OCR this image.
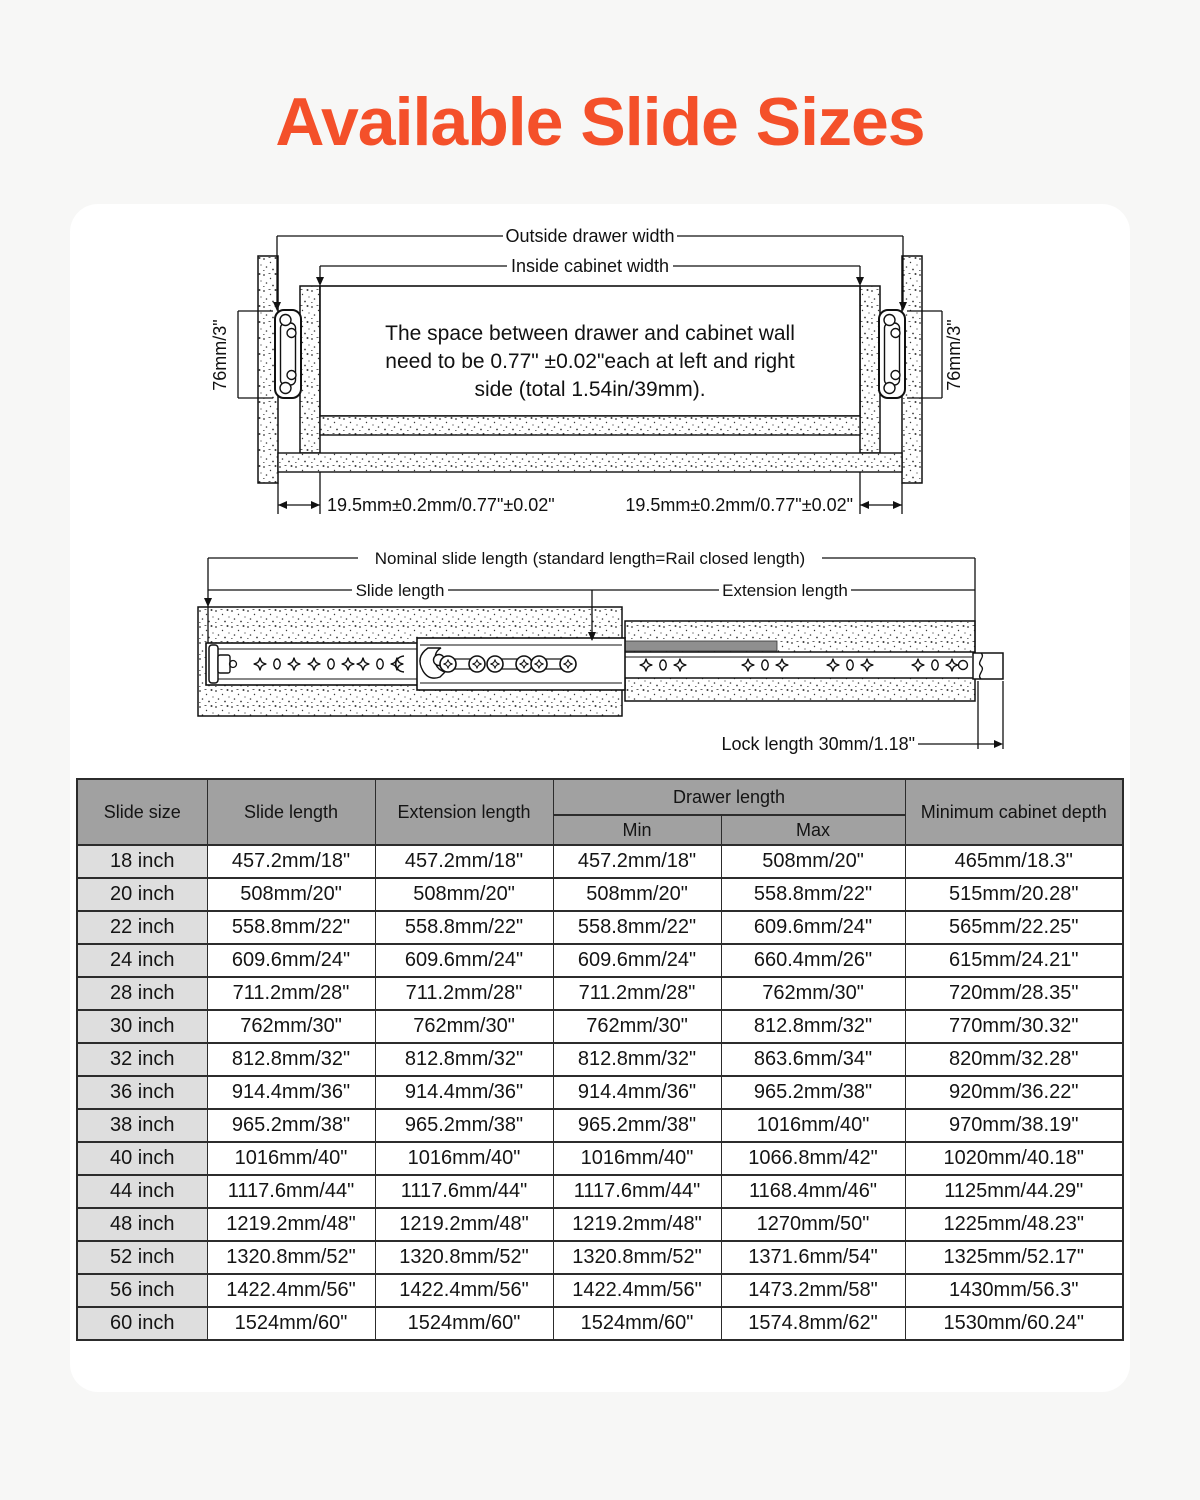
Available Slide Sizes
The space between drawer and cabinet wall
need to be 0.77" ±0.02"each at left and right
side (total 1.54in/39mm).
Outside drawer width
Inside cabinet width
76mm/3"	76mm/3"
19.5mm±0.2mm/0.77"±0.02"	19.5mm±0.2mm/0.77"±0.02"
Nominal slide length (standard length=Rail closed length)
Slide length	Extension length
Lock length 30mm/1.18"
Slide size	Slide length	Extension length	Drawer length		Minimum cabinet depth
			Min	Max	
18 inch	457.2mm/18"	457.2mm/18"	457.2mm/18"	508mm/20"	465mm/18.3"
20 inch	508mm/20"	508mm/20"	508mm/20"	558.8mm/22"	515mm/20.28"
22 inch	558.8mm/22"	558.8mm/22"	558.8mm/22"	609.6mm/24"	565mm/22.25"
24 inch	609.6mm/24"	609.6mm/24"	609.6mm/24"	660.4mm/26"	615mm/24.21"
28 inch	711.2mm/28"	711.2mm/28"	711.2mm/28"	762mm/30"	720mm/28.35"
30 inch	762mm/30"	762mm/30"	762mm/30"	812.8mm/32"	770mm/30.32"
32 inch	812.8mm/32"	812.8mm/32"	812.8mm/32"	863.6mm/34"	820mm/32.28"
36 inch	914.4mm/36"	914.4mm/36"	914.4mm/36"	965.2mm/38"	920mm/36.22"
38 inch	965.2mm/38"	965.2mm/38"	965.2mm/38"	1016mm/40"	970mm/38.19"
40 inch	1016mm/40"	1016mm/40"	1016mm/40"	1066.8mm/42"	1020mm/40.18"
44 inch	1117.6mm/44"	1117.6mm/44"	1117.6mm/44"	1168.4mm/46"	1125mm/44.29"
48 inch	1219.2mm/48"	1219.2mm/48"	1219.2mm/48"	1270mm/50"	1225mm/48.23"
52 inch	1320.8mm/52"	1320.8mm/52"	1320.8mm/52"	1371.6mm/54"	1325mm/52.17"
56 inch	1422.4mm/56"	1422.4mm/56"	1422.4mm/56"	1473.2mm/58"	1430mm/56.3"
60 inch	1524mm/60"	1524mm/60"	1524mm/60"	1574.8mm/62"	1530mm/60.24"
